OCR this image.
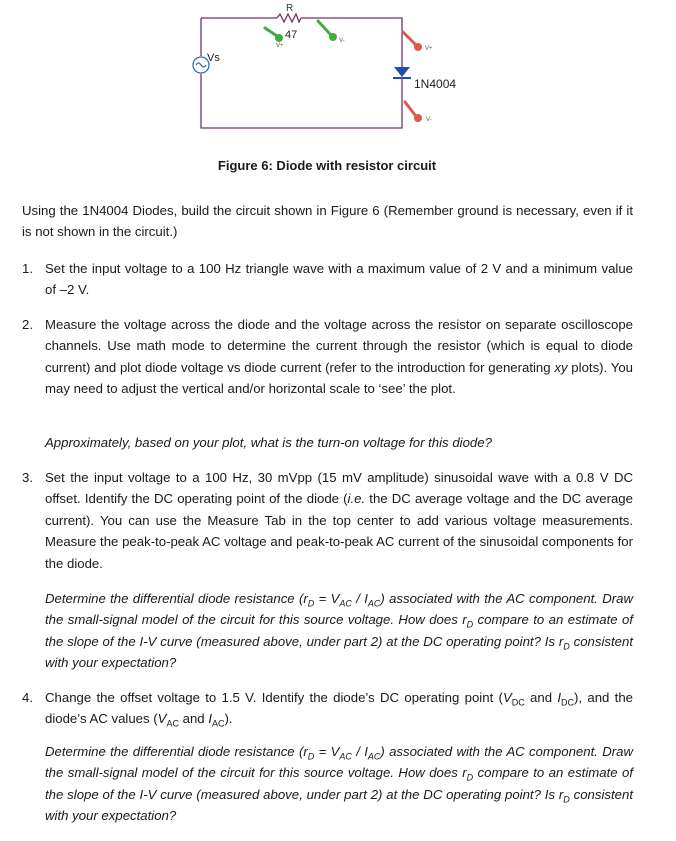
R
47
Vs
1N4004
V+
V-
V+
V-
Figure 6: Diode with resistor circuit
Using the 1N4004 Diodes, build the circuit shown in Figure 6 (Remember ground is necessary, even if it is not shown in the circuit.)
1. Set the input voltage to a 100 Hz triangle wave with a maximum value of 2 V and a minimum value of –2 V.
2. Measure the voltage across the diode and the voltage across the resistor on separate oscilloscope channels. Use math mode to determine the current through the resistor (which is equal to diode current) and plot diode voltage vs diode current (refer to the introduction for generating xy plots). You may need to adjust the vertical and/or horizontal scale to ‘see’ the plot.
Approximately, based on your plot, what is the turn-on voltage for this diode?
3. Set the input voltage to a 100 Hz, 30 mVpp (15 mV amplitude) sinusoidal wave with a 0.8 V DC offset. Identify the DC operating point of the diode (i.e. the DC average voltage and the DC average current). You can use the Measure Tab in the top center to add various voltage measurements. Measure the peak-to-peak AC voltage and peak-to-peak AC current of the sinusoidal components for the diode.
Determine the differential diode resistance $(r_D = V_{AC} / I_{AC})$ associated with the AC component. Draw the small-signal model of the circuit for this source voltage. How does $r_D$ compare to an estimate of the slope of the I-V curve (measured above, under part 2) at the DC operating point? Is $r_D$ consistent with your expectation?
4. Change the offset voltage to 1.5 V. Identify the diode’s DC operating point ($V_{DC}$ and $I_{DC}$), and the diode’s AC values ($V_{AC}$ and $I_{AC}$).
Determine the differential diode resistance $(r_D = V_{AC} / I_{AC})$ associated with the AC component. Draw the small-signal model of the circuit for this source voltage. How does $r_D$ compare to an estimate of the slope of the I-V curve (measured above, under part 2) at the DC operating point? Is $r_D$ consistent with your expectation?
